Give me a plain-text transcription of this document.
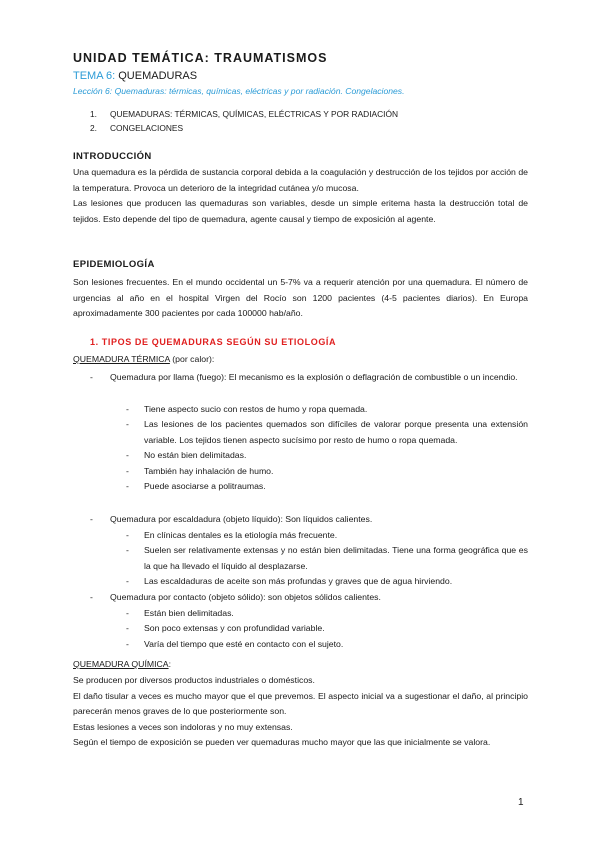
UNIDAD TEMÁTICA: TRAUMATISMOS
TEMA 6: QUEMADURAS
Lección 6: Quemaduras: térmicas, químicas, eléctricas y por radiación. Congelaciones.
1. QUEMADURAS: TÉRMICAS, QUÍMICAS, ELÉCTRICAS Y POR RADIACIÓN
2. CONGELACIONES
INTRODUCCIÓN

Una quemadura es la pérdida de sustancia corporal debida a la coagulación y destrucción de los tejidos por acción de la temperatura. Provoca un deterioro de la integridad cutánea y/o mucosa.

Las lesiones que producen las quemaduras son variables, desde un simple eritema hasta la destrucción total de tejidos. Esto depende del tipo de quemadura, agente causal y tiempo de exposición al agente.

EPIDEMIOLOGÍA

Son lesiones frecuentes. En el mundo occidental un 5-7% va a requerir atención por una quemadura. El número de urgencias al año en el hospital Virgen del Rocío son 1200 pacientes (4-5 pacientes diarios). En Europa aproximadamente 300 pacientes por cada 100000 hab/año.

1. TIPOS DE QUEMADURAS SEGÚN SU ETIOLOGÍA
QUEMADURA TÉRMICA (por calor):
- Quemadura por llama (fuego): El mecanismo es la explosión o deflagración de combustible o un incendio.
- Tiene aspecto sucio con restos de humo y ropa quemada.
- Las lesiones de los pacientes quemados son difíciles de valorar porque presenta una extensión variable. Los tejidos tienen aspecto sucísimo por resto de humo o ropa quemada.
- No están bien delimitadas.
- También hay inhalación de humo.
- Puede asociarse a politraumas.
- Quemadura por escaldadura (objeto líquido): Son líquidos calientes.
- En clínicas dentales es la etiología más frecuente.
- Suelen ser relativamente extensas y no están bien delimitadas. Tiene una forma geográfica que es la que ha llevado el líquido al desplazarse.
- Las escaldaduras de aceite son más profundas y graves que de agua hirviendo.
- Quemadura por contacto (objeto sólido): son objetos sólidos calientes.
- Están bien delimitadas.
- Son poco extensas y con profundidad variable.
- Varía del tiempo que esté en contacto con el sujeto.
QUEMADURA QUÍMICA:

Se producen por diversos productos industriales o domésticos.

El daño tisular a veces es mucho mayor que el que prevemos. El aspecto inicial va a sugestionar el daño, al principio parecerán menos graves de lo que posteriormente son.

Estas lesiones a veces son indoloras y no muy extensas.

Según el tiempo de exposición se pueden ver quemaduras mucho mayor que las que inicialmente se valora.

1
